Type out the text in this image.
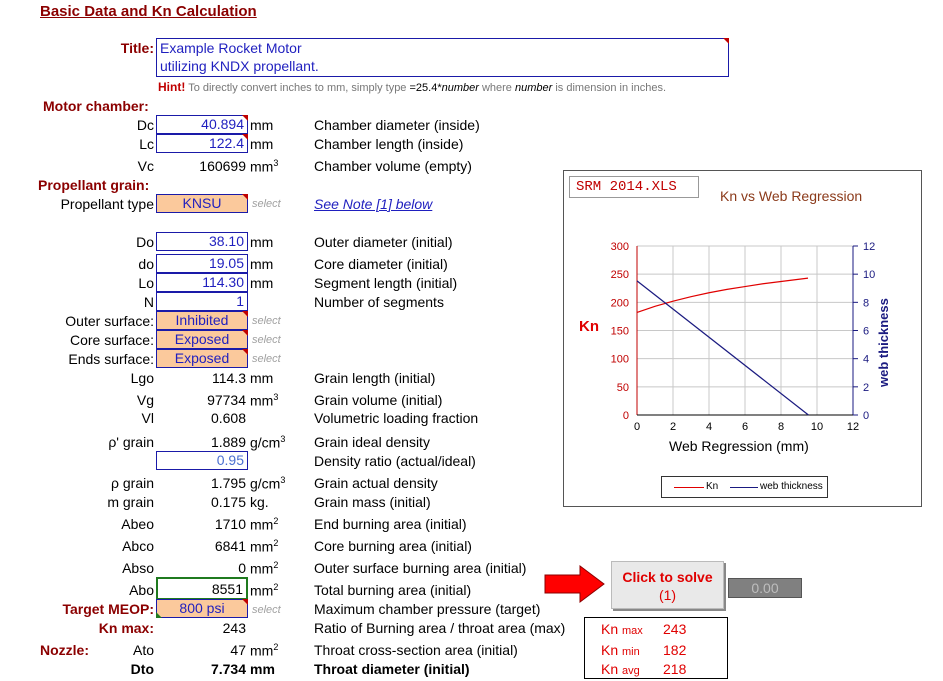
Basic Data and Kn Calculation
Title: Example Rocket Motor
utilizing KNDX propellant.
Hint! To directly convert inches to mm, simply type =25.4*number where number is dimension in inches.
Motor chamber:
Dc	40.894 mm	Chamber diameter (inside)
Lc	122.4 mm	Chamber length (inside)
Vc	160699 $mm^3$	Chamber volume (empty)
Propellant grain:
Propellant type	KNSU	select See Note [1] below
Do	38.10 mm	Outer diameter (initial)
do	19.05 mm	Core diameter (initial)
Lo	114.30 mm	Segment length (initial)
N	1	Number of segments
Outer surface:	Inhibited	select
Core surface:	Exposed	select
Ends surface:	Exposed	select
Lgo	114.3 mm	Grain length (initial)
Vg	97734 $mm^3$	Grain volume (initial)
Vl	0.608	Volumetric loading fraction
ρ' grain	1.889 $g/cm^3$ Grain ideal density
0.95	Density ratio (actual/ideal)
ρ grain	1.795 $g/cm^3$ Grain actual density
m grain	0.175 kg.	Grain mass (initial)
Abeo	1710 $mm^2$	End burning area (initial)
Abco	6841 $mm^2$	Core burning area (initial)
Abso	0 $mm^2$	Outer surface burning area (initial)
Abo	8551 $mm^2$	Total burning area (initial)
Target MEOP:	800 psi	select Maximum chamber pressure (target)
Kn max:	243	Ratio of Burning area / throat area (max)
Nozzle:	Ato	47 $mm^2$	Throat cross-section area (initial)
Dto	7.734 mm	Throat diameter (initial)
SRM 2014.XLS
Kn vs Web Regression
0	2	4	6	8 10 12
0
50
100
150
200
250
300
0
2
4
6
8
10
12
Web Regression (mm)
Kn	web thickness
Kn	web thickness
Click to solve
(1)	0.00
Kn max 243
Kn min 182
Kn avg 218
